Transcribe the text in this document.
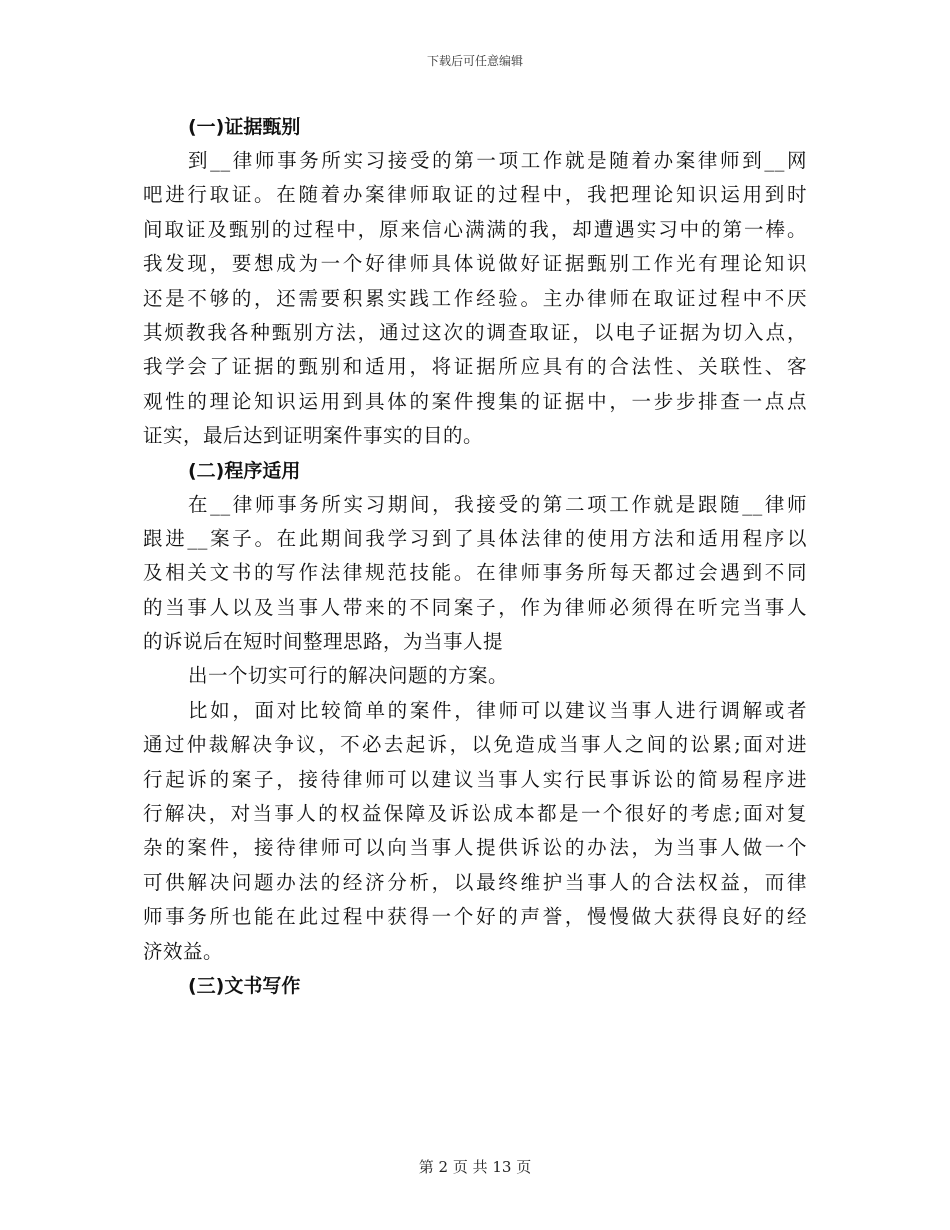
下载后可任意编辑
(一)证据甄别
到__律师事务所实习接受的第一项工作就是随着办案律师到__网
吧进行取证。在随着办案律师取证的过程中，我把理论知识运用到时
间取证及甄别的过程中，原来信心满满的我，却遭遇实习中的第一棒。
我发现，要想成为一个好律师具体说做好证据甄别工作光有理论知识
还是不够的，还需要积累实践工作经验。主办律师在取证过程中不厌
其烦教我各种甄别方法，通过这次的调查取证，以电子证据为切入点，
我学会了证据的甄别和适用，将证据所应具有的合法性、关联性、客
观性的理论知识运用到具体的案件搜集的证据中，一步步排查一点点
证实，最后达到证明案件事实的目的。
(二)程序适用
在__律师事务所实习期间，我接受的第二项工作就是跟随__律师
跟进__案子。在此期间我学习到了具体法律的使用方法和适用程序以
及相关文书的写作法律规范技能。在律师事务所每天都过会遇到不同
的当事人以及当事人带来的不同案子，作为律师必须得在听完当事人
的诉说后在短时间整理思路，为当事人提
出一个切实可行的解决问题的方案。
比如，面对比较简单的案件，律师可以建议当事人进行调解或者
通过仲裁解决争议，不必去起诉，以免造成当事人之间的讼累;面对进
行起诉的案子，接待律师可以建议当事人实行民事诉讼的简易程序进
行解决，对当事人的权益保障及诉讼成本都是一个很好的考虑;面对复
杂的案件，接待律师可以向当事人提供诉讼的办法，为当事人做一个
可供解决问题办法的经济分析，以最终维护当事人的合法权益，而律
师事务所也能在此过程中获得一个好的声誉，慢慢做大获得良好的经
济效益。
(三)文书写作
第 2 页 共 13 页
